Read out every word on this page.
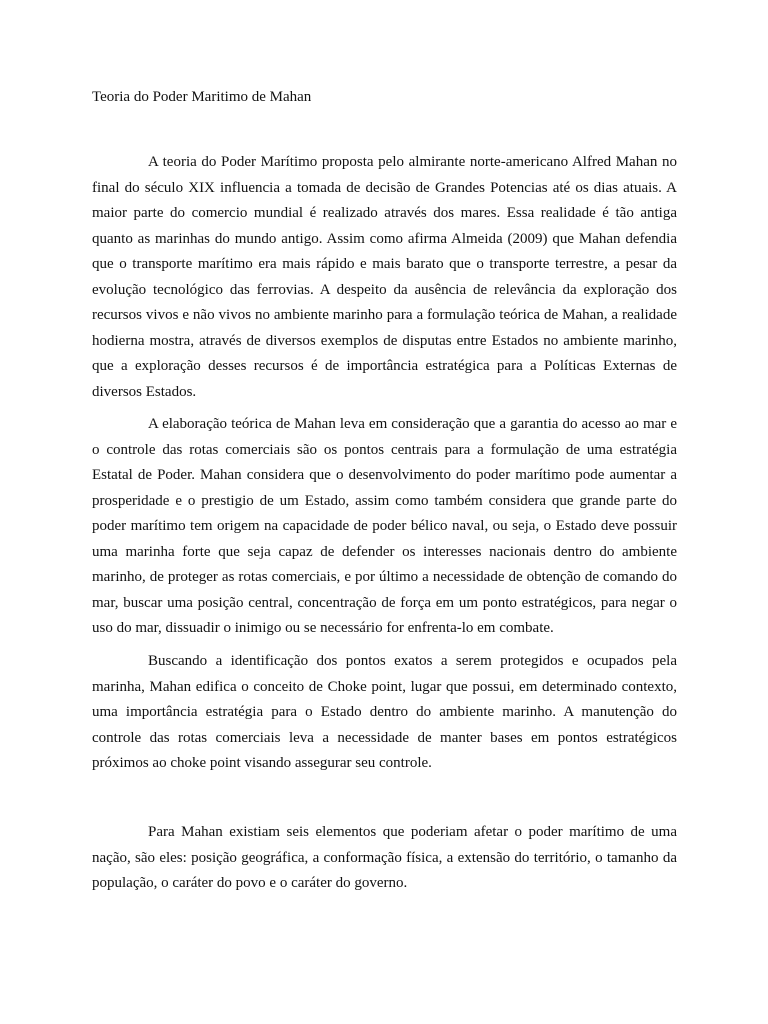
Teoria do Poder Maritimo de Mahan

A teoria do Poder Marítimo proposta pelo almirante norte-americano Alfred Mahan no final do século XIX influencia a tomada de decisão de Grandes Potencias até os dias atuais. A maior parte do comercio mundial é realizado através dos mares. Essa realidade é tão antiga quanto as marinhas do mundo antigo. Assim como afirma Almeida (2009) que Mahan defendia que o transporte marítimo era mais rápido e mais barato que o transporte terrestre, a pesar da evolução tecnológico das ferrovias. A despeito da ausência de relevância da exploração dos recursos vivos e não vivos no ambiente marinho para a formulação teórica de Mahan, a realidade hodierna mostra, através de diversos exemplos de disputas entre Estados no ambiente marinho, que a exploração desses recursos é de importância estratégica para a Políticas Externas de diversos Estados.

A elaboração teórica de Mahan leva em consideração que a garantia do acesso ao mar e o controle das rotas comerciais são os pontos centrais para a formulação de uma estratégia Estatal de Poder. Mahan considera que o desenvolvimento do poder marítimo pode aumentar a prosperidade e o prestigio de um Estado, assim como também considera que grande parte do poder marítimo tem origem na capacidade de poder bélico naval, ou seja, o Estado deve possuir uma marinha forte que seja capaz de defender os interesses nacionais dentro do ambiente marinho, de proteger as rotas comerciais, e por último a necessidade de obtenção de comando do mar, buscar uma posição central, concentração de força em um ponto estratégicos, para negar o uso do mar, dissuadir o inimigo ou se necessário for enfrenta-lo em combate.

Buscando a identificação dos pontos exatos a serem protegidos e ocupados pela marinha, Mahan edifica o conceito de Choke point, lugar que possui, em determinado contexto, uma importância estratégia para o Estado dentro do ambiente marinho. A manutenção do controle das rotas comerciais leva a necessidade de manter bases em pontos estratégicos próximos ao choke point visando assegurar seu controle.

Para Mahan existiam seis elementos que poderiam afetar o poder marítimo de uma nação, são eles: posição geográfica, a conformação física, a extensão do território, o tamanho da população, o caráter do povo e o caráter do governo.
